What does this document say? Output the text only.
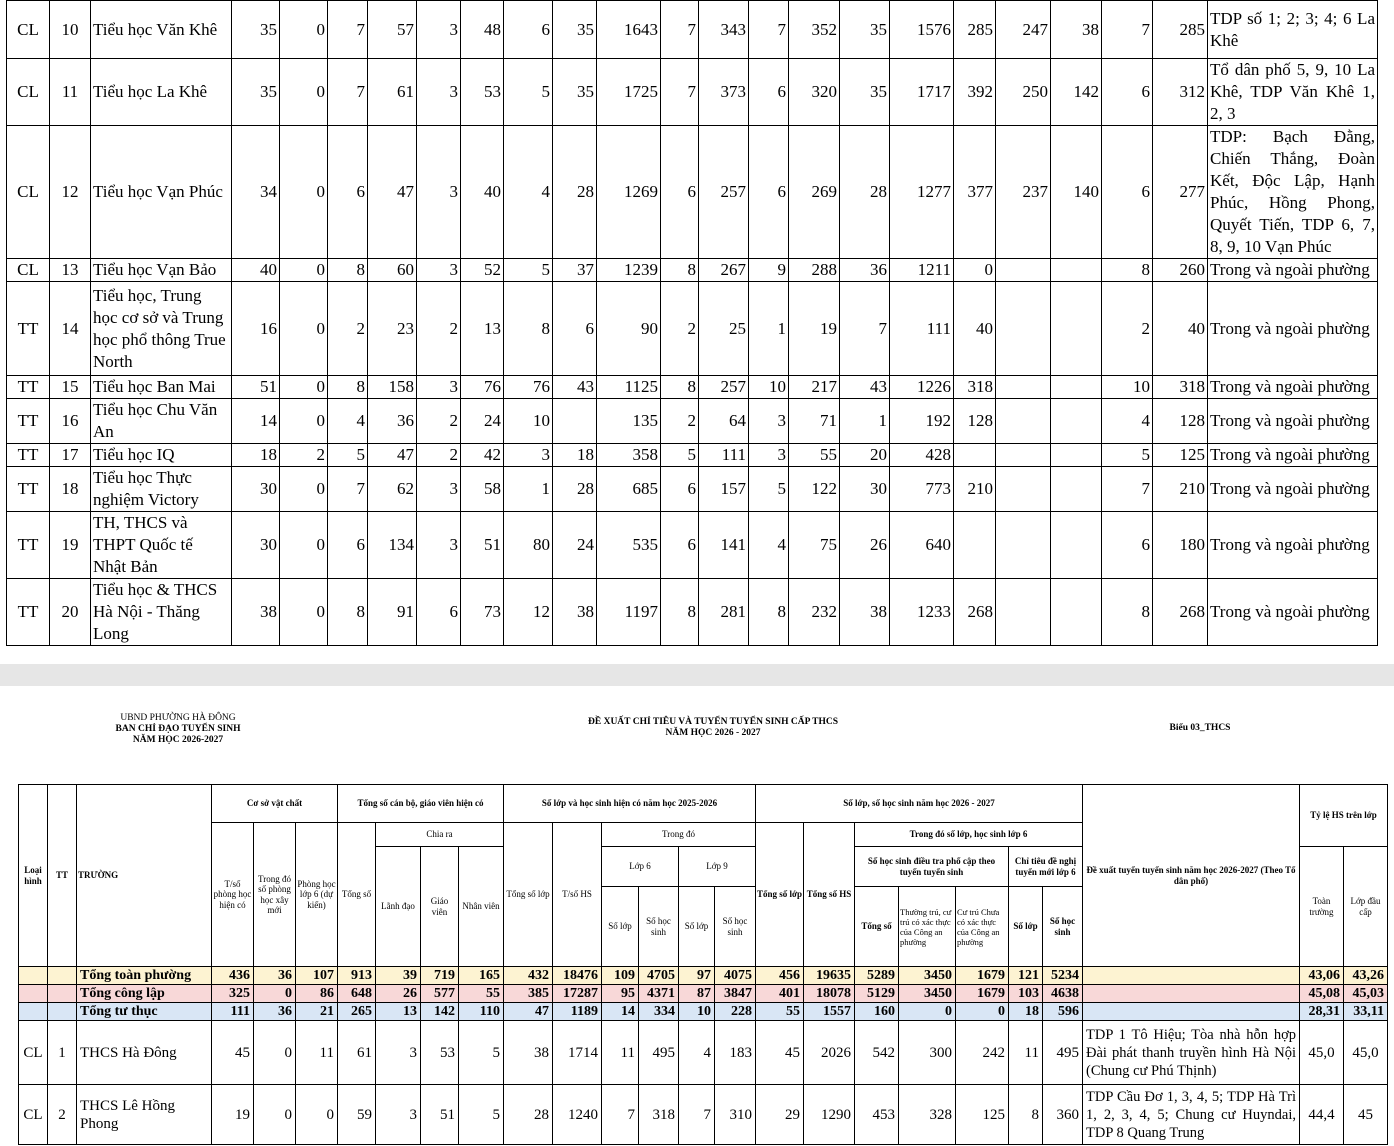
CL	10	Tiểu học Văn Khê	35	0	7	57	3	48	6	35	1643	7	343	7	352	35	1576	285	247	38	7	285	TDP số 1; 2; 3; 4; 6 La Khê
CL	11	Tiểu học La Khê	35	0	7	61	3	53	5	35	1725	7	373	6	320	35	1717	392	250	142	6	312	Tổ dân phố 5, 9, 10 La Khê, TDP Văn Khê 1, 2, 3
CL	12	Tiểu học Vạn Phúc	34	0	6	47	3	40	4	28	1269	6	257	6	269	28	1277	377	237	140	6	277	TDP: Bạch Đằng, Chiến Thắng, Đoàn Kết, Độc Lập, Hạnh Phúc, Hồng Phong, Quyết Tiến, TDP 6, 7, 8, 9, 10 Vạn Phúc
CL	13	Tiểu học Vạn Bảo	40	0	8	60	3	52	5	37	1239	8	267	9	288	36	1211	0			8	260	Trong và ngoài phường
TT	14	Tiểu học, Trung học cơ sở và Trung học phổ thông True North	16	0	2	23	2	13	8	6	90	2	25	1	19	7	111	40			2	40	Trong và ngoài phường
TT	15	Tiểu học Ban Mai	51	0	8	158	3	76	76	43	1125	8	257	10	217	43	1226	318			10	318	Trong và ngoài phường
TT	16	Tiểu học Chu Văn An	14	0	4	36	2	24	10		135	2	64	3	71	1	192	128			4	128	Trong và ngoài phường
TT	17	Tiểu học IQ	18	2	5	47	2	42	3	18	358	5	111	3	55	20	428				5	125	Trong và ngoài phường
TT	18	Tiểu học Thực nghiệm Victory	30	0	7	62	3	58	1	28	685	6	157	5	122	30	773	210			7	210	Trong và ngoài phường
TT	19	TH, THCS và THPT Quốc tế Nhật Bản	30	0	6	134	3	51	80	24	535	6	141	4	75	26	640				6	180	Trong và ngoài phường
TT	20	Tiểu học & THCS Hà Nội - Thăng Long	38	0	8	91	6	73	12	38	1197	8	281	8	232	38	1233	268			8	268	Trong và ngoài phường
UBND PHƯỜNG HÀ ĐÔNG
BAN CHỈ ĐẠO TUYỂN SINH
NĂM HỌC 2026-2027
ĐỀ XUẤT CHỈ TIÊU VÀ TUYỂN TUYỂN SINH CẤP THCS
NĂM HỌC 2026 - 2027	Biểu 03_THCS
Loại hình	TT	TRƯỜNG	Cơ sở vật chất			Tổng số cán bộ, giáo viên hiện có				Số lớp và học sinh hiện có năm học 2025-2026						Số lớp, số học sinh năm học 2026 - 2027							Đề xuất tuyển tuyển sinh năm học 2026-2027 (Theo Tổ dân phố)	Tỷ lệ HS trên lớp	
			T/số phòng học hiện có	Trong đó số phòng học xây mới	Phòng học lớp 6 (dự kiến)	Tổng số	Chia ra			Tổng số lớp	T/số HS	Trong đó				Tổng số lớp	Tổng số HS	Trong đó số lớp, học sinh lớp 6							
							Lãnh đạo	Giáo viên	Nhân viên			Lớp 6		Lớp 9				Số học sinh điều tra phổ cập theo tuyến tuyển sinh			Chỉ tiêu đề nghị tuyển mới lớp 6			Toàn trường	Lớp đầu cấp
												Số lớp	Số học sinh	Số lớp	Số học sinh			Tổng số	Thường trú, cư trú có xác thực của Công an phường	Cư trú Chưa có xác thực của Công an phường	Số lớp	Số học sinh			
		Tổng toàn phường	436	36	107	913	39	719	165	432	18476	109	4705	97	4075	456	19635	5289	3450	1679	121	5234		43,06	43,26
		Tổng công lập	325	0	86	648	26	577	55	385	17287	95	4371	87	3847	401	18078	5129	3450	1679	103	4638		45,08	45,03
		Tổng tư thục	111	36	21	265	13	142	110	47	1189	14	334	10	228	55	1557	160	0	0	18	596		28,31	33,11
CL	1	THCS Hà Đông	45	0	11	61	3	53	5	38	1714	11	495	4	183	45	2026	542	300	242	11	495	TDP 1 Tô Hiệu; Tòa nhà hỗn hợp Đài phát thanh truyền hình Hà Nội (Chung cư Phú Thịnh)	45,0	45,0
CL	2	THCS Lê Hồng Phong	19	0	0	59	3	51	5	28	1240	7	318	7	310	29	1290	453	328	125	8	360	TDP Cầu Đơ 1, 3, 4, 5; TDP Hà Trì 1, 2, 3, 4, 5; Chung cư Huyndai, TDP 8 Quang Trung	44,4	45
